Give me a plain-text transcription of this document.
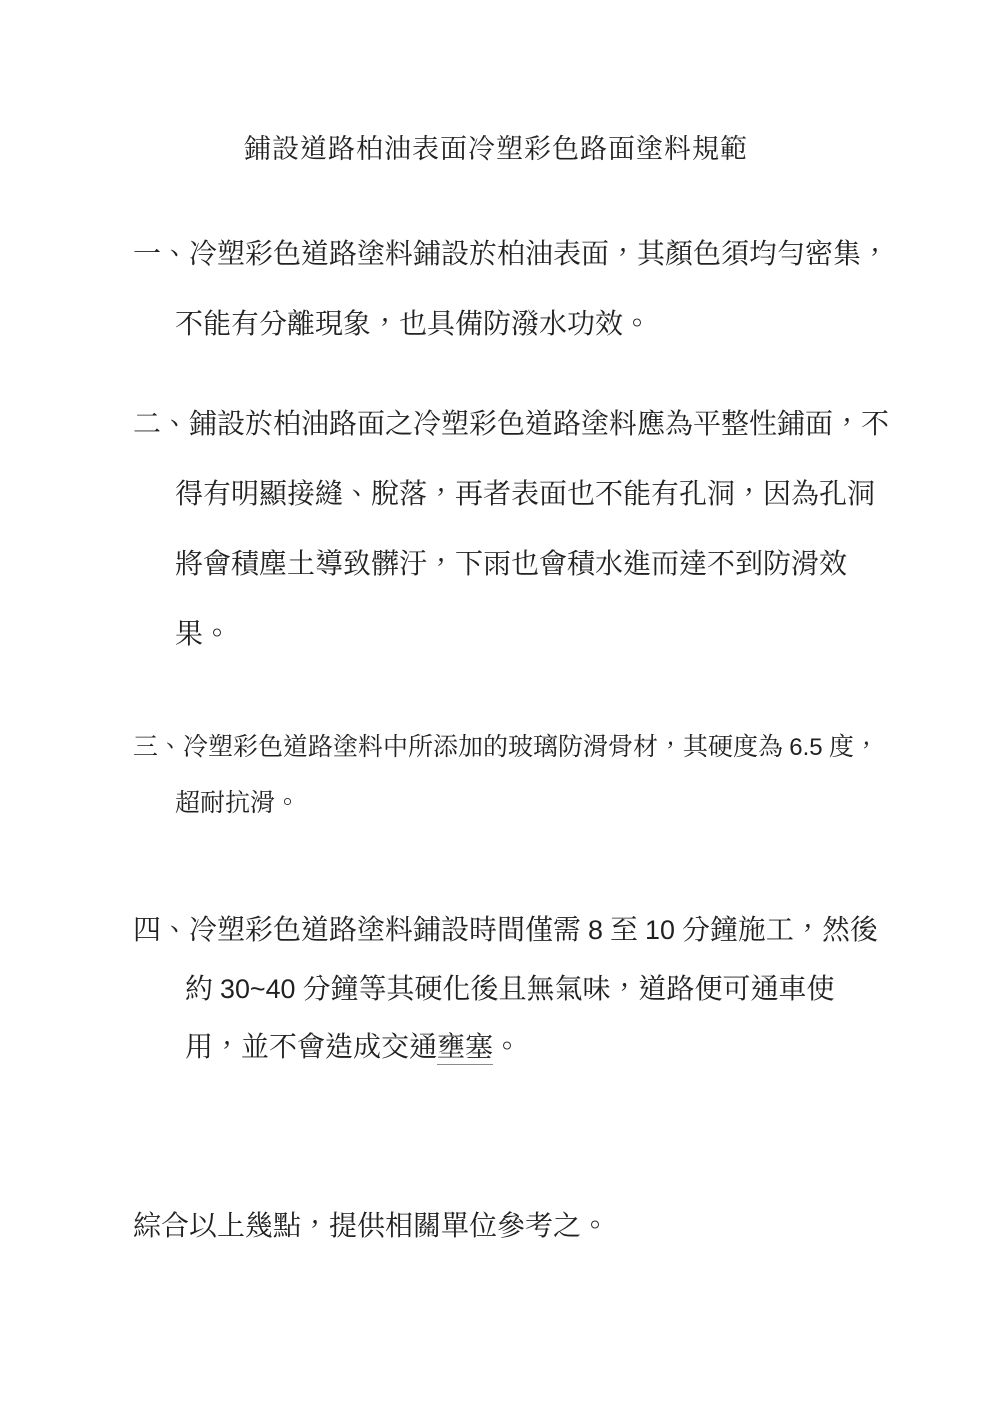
鋪設道路柏油表面冷塑彩色路面塗料規範
一、冷塑彩色道路塗料鋪設於柏油表面，其顏色須均勻密集，
不能有分離現象，也具備防潑水功效。
二、鋪設於柏油路面之冷塑彩色道路塗料應為平整性鋪面，不
得有明顯接縫、脫落，再者表面也不能有孔洞，因為孔洞
將會積塵土導致髒汙，下雨也會積水進而達不到防滑效
果。
三、冷塑彩色道路塗料中所添加的玻璃防滑骨材，其硬度為 6.5 度，
超耐抗滑。
四、冷塑彩色道路塗料鋪設時間僅需 8 至 10 分鐘施工，然後
約 30~40 分鐘等其硬化後且無氣味，道路便可通車使
用，並不會造成交通壅塞。
綜合以上幾點，提供相關單位參考之。
